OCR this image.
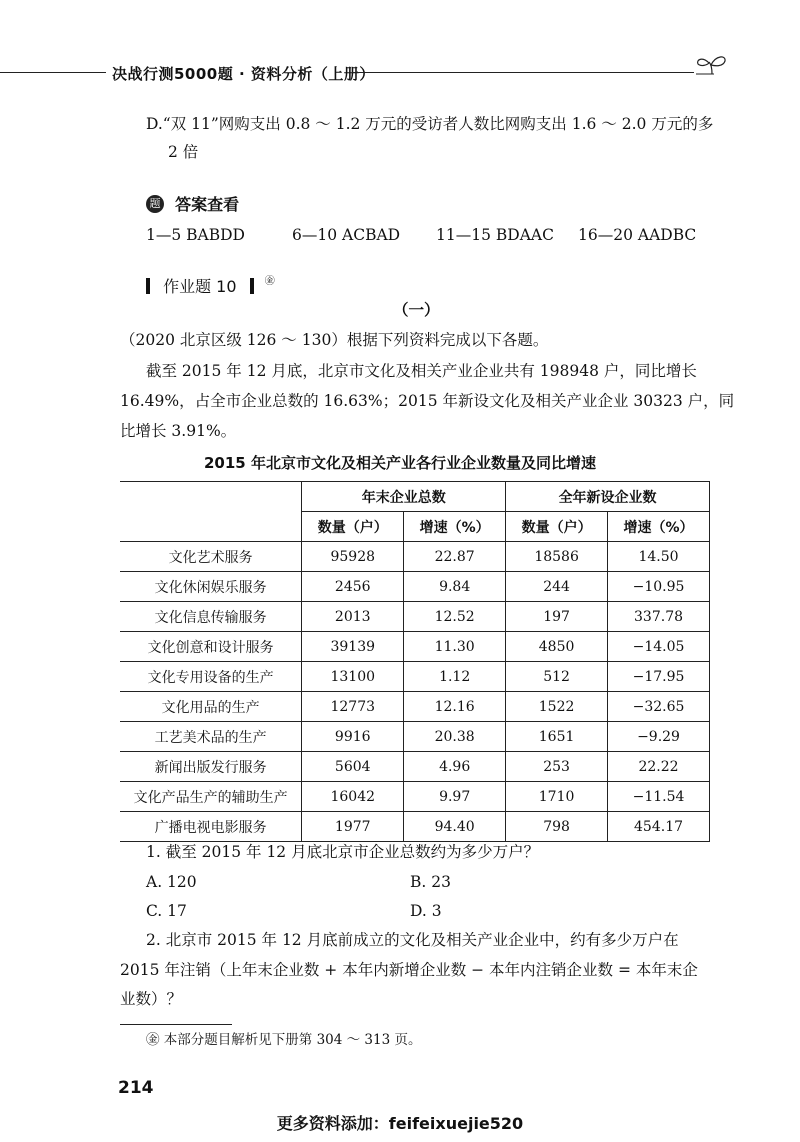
决战行测5000题 · 资料分析（上册）
D.“双 11”网购支出 0.8 ～ 1.2 万元的受访者人数比网购支出 1.6 ～ 2.0 万元的多
2 倍
题 答案查看
1—5 BABDD	6—10 ACBAD 11—15 BDAAC 16—20 AADBC
作业题 10	㊎
（一）
（2020 北京区级 126 ～ 130）根据下列资料完成以下各题。
截至 2015 年 12 月底，北京市文化及相关产业企业共有 198948 户，同比增长
16.49%，占全市企业总数的 16.63%；2015 年新设文化及相关产业企业 30323 户，同
比增长 3.91%。
2015 年北京市文化及相关产业各行业企业数量及同比增速
	年末企业总数		全年新设企业数	
	数量（户）	增速（%）	数量（户）	增速（%）
文化艺术服务	95928	22.87	18586	14.50
文化休闲娱乐服务	2456	9.84	244	−10.95
文化信息传输服务	2013	12.52	197	337.78
文化创意和设计服务	39139	11.30	4850	−14.05
文化专用设备的生产	13100	1.12	512	−17.95
文化用品的生产	12773	12.16	1522	−32.65
工艺美术品的生产	9916	20.38	1651	−9.29
新闻出版发行服务	5604	4.96	253	22.22
文化产品生产的辅助生产	16042	9.97	1710	−11.54
广播电视电影服务	1977	94.40	798	454.17
1. 截至 2015 年 12 月底北京市企业总数约为多少万户？
A. 120	B. 23
C. 17	D. 3
2. 北京市 2015 年 12 月底前成立的文化及相关产业企业中，约有多少万户在
2015 年注销（上年末企业数 + 本年内新增企业数 − 本年内注销企业数 = 本年末企
业数）？
㊎ 本部分题目解析见下册第 304 ～ 313 页。
214
更多资料添加：feifeixuejie520
